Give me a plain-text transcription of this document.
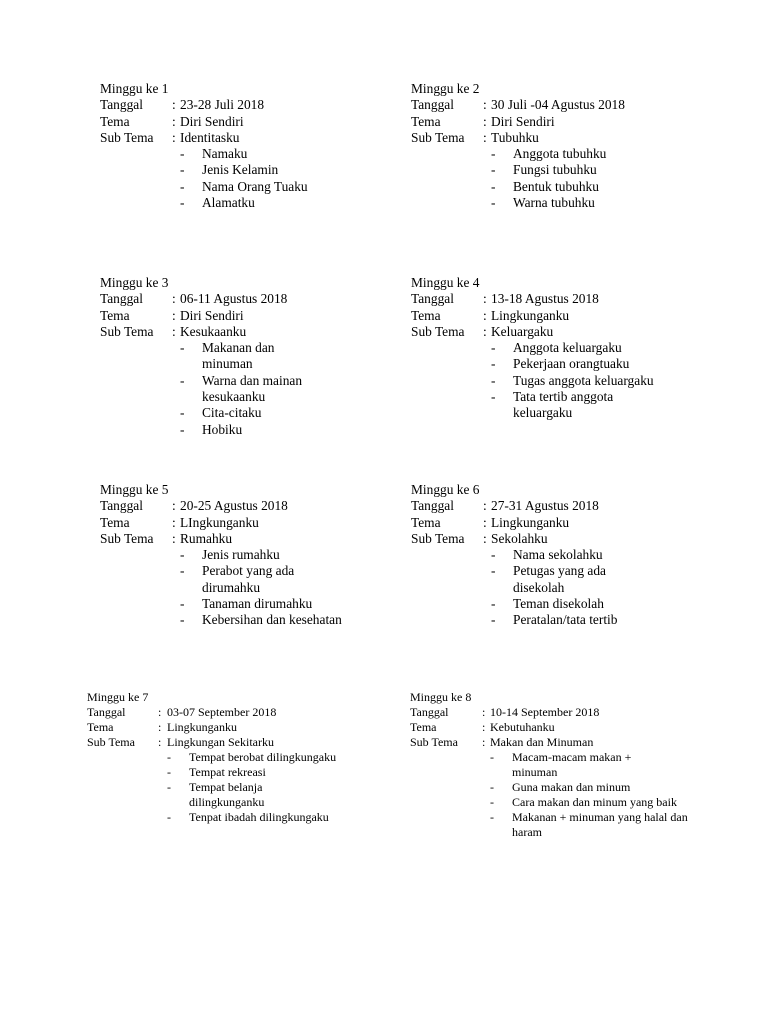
Minggu ke 1
Tanggal : 23-28 Juli 2018
Tema	: Diri Sendiri
Sub Tema : Identitasku
- Namaku
- Jenis Kelamin
- Nama Orang Tuaku
- Alamatku
Minggu ke 2
Tanggal : 30 Juli -04 Agustus 2018
Tema	: Diri Sendiri
Sub Tema : Tubuhku
- Anggota tubuhku
- Fungsi tubuhku
- Bentuk tubuhku
- Warna tubuhku
Minggu ke 3
Tanggal : 06-11 Agustus 2018
Tema	: Diri Sendiri
Sub Tema : Kesukaanku
- Makanan dan minuman
- Warna dan mainan kesukaanku
- Cita-citaku
- Hobiku
Minggu ke 4
Tanggal : 13-18 Agustus 2018
Tema	: Lingkunganku
Sub Tema : Keluargaku
- Anggota keluargaku
- Pekerjaan orangtuaku
- Tugas anggota keluargaku
- Tata tertib anggota keluargaku
Minggu ke 5
Tanggal : 20-25 Agustus 2018
Tema	: LIngkunganku
Sub Tema : Rumahku
- Jenis rumahku
- Perabot yang ada dirumahku
- Tanaman dirumahku
- Kebersihan dan kesehatan
Minggu ke 6
Tanggal : 27-31 Agustus 2018
Tema	: Lingkunganku
Sub Tema : Sekolahku
- Nama sekolahku
- Petugas yang ada disekolah
- Teman disekolah
- Peratalan/tata tertib
Minggu ke 7
Tanggal	: 03-07 September 2018
Tema	: Lingkunganku
Sub Tema : Lingkungan Sekitarku
- Tempat berobat dilingkungaku
- Tempat rekreasi
- Tempat belanja dilingkunganku
- Tenpat ibadah dilingkungaku
Minggu ke 8
Tanggal	: 10-14 September 2018
Tema	: Kebutuhanku
Sub Tema : Makan dan Minuman
- Macam-macam makan + minuman
- Guna makan dan minum
- Cara makan dan minum yang baik
- Makanan + minuman yang halal dan haram
